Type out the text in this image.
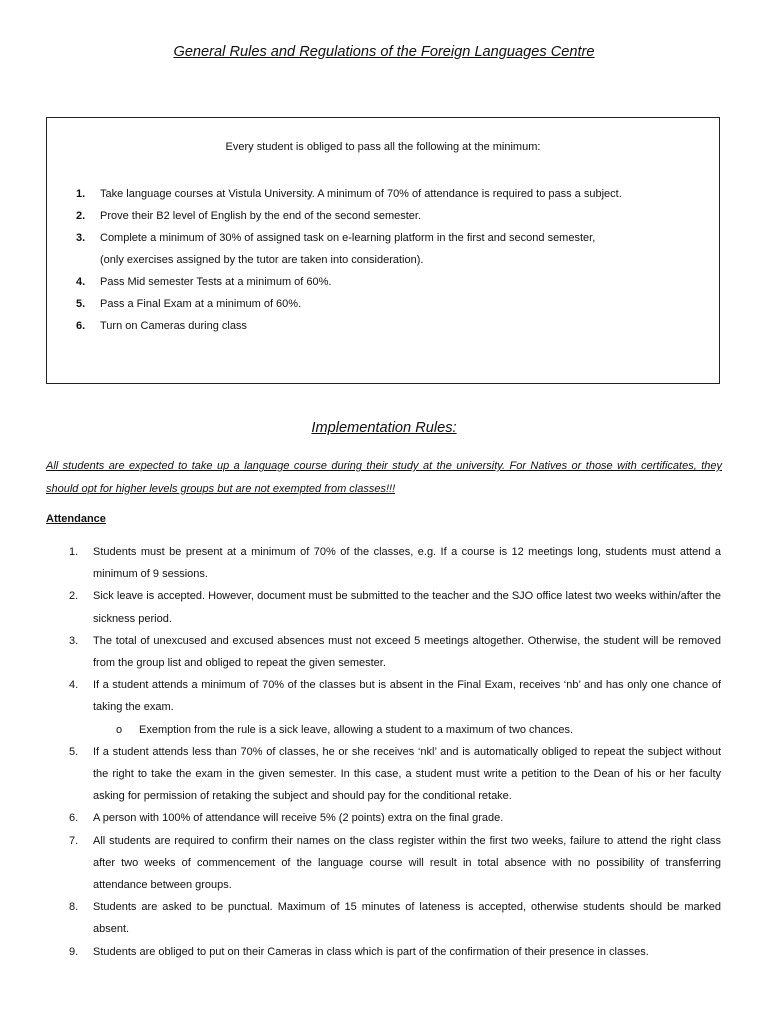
General Rules and Regulations of the Foreign Languages Centre
Every student is obliged to pass all the following at the minimum:
1. Take language courses at Vistula University. A minimum of 70% of attendance is required to pass a subject.
2. Prove their B2 level of English by the end of the second semester.
3. Complete a minimum of 30% of assigned task on e-learning platform in the first and second semester,
(only exercises assigned by the tutor are taken into consideration).
4. Pass Mid semester Tests at a minimum of 60%.
5. Pass a Final Exam at a minimum of 60%.
6. Turn on Cameras during class
Implementation Rules:
All students are expected to take up a language course during their study at the university. For Natives or those with certificates, they should opt for higher levels groups but are not exempted from classes!!!
Attendance
1. Students must be present at a minimum of 70% of the classes, e.g. If a course is 12 meetings long, students must attend a minimum of 9 sessions.
2. Sick leave is accepted. However, document must be submitted to the teacher and the SJO office latest two weeks within/after the sickness period.
3. The total of unexcused and excused absences must not exceed 5 meetings altogether. Otherwise, the student will be removed from the group list and obliged to repeat the given semester.
4. If a student attends a minimum of 70% of the classes but is absent in the Final Exam, receives ‘nb’ and has only one chance of taking the exam.
o Exemption from the rule is a sick leave, allowing a student to a maximum of two chances.
5. If a student attends less than 70% of classes, he or she receives ‘nkl’ and is automatically obliged to repeat the subject without the right to take the exam in the given semester. In this case, a student must write a petition to the Dean of his or her faculty asking for permission of retaking the subject and should pay for the conditional retake.
6. A person with 100% of attendance will receive 5% (2 points) extra on the final grade.
7. All students are required to confirm their names on the class register within the first two weeks, failure to attend the right class after two weeks of commencement of the language course will result in total absence with no possibility of transferring attendance between groups.
8. Students are asked to be punctual. Maximum of 15 minutes of lateness is accepted, otherwise students should be marked absent.
9. Students are obliged to put on their Cameras in class which is part of the confirmation of their presence in classes.
